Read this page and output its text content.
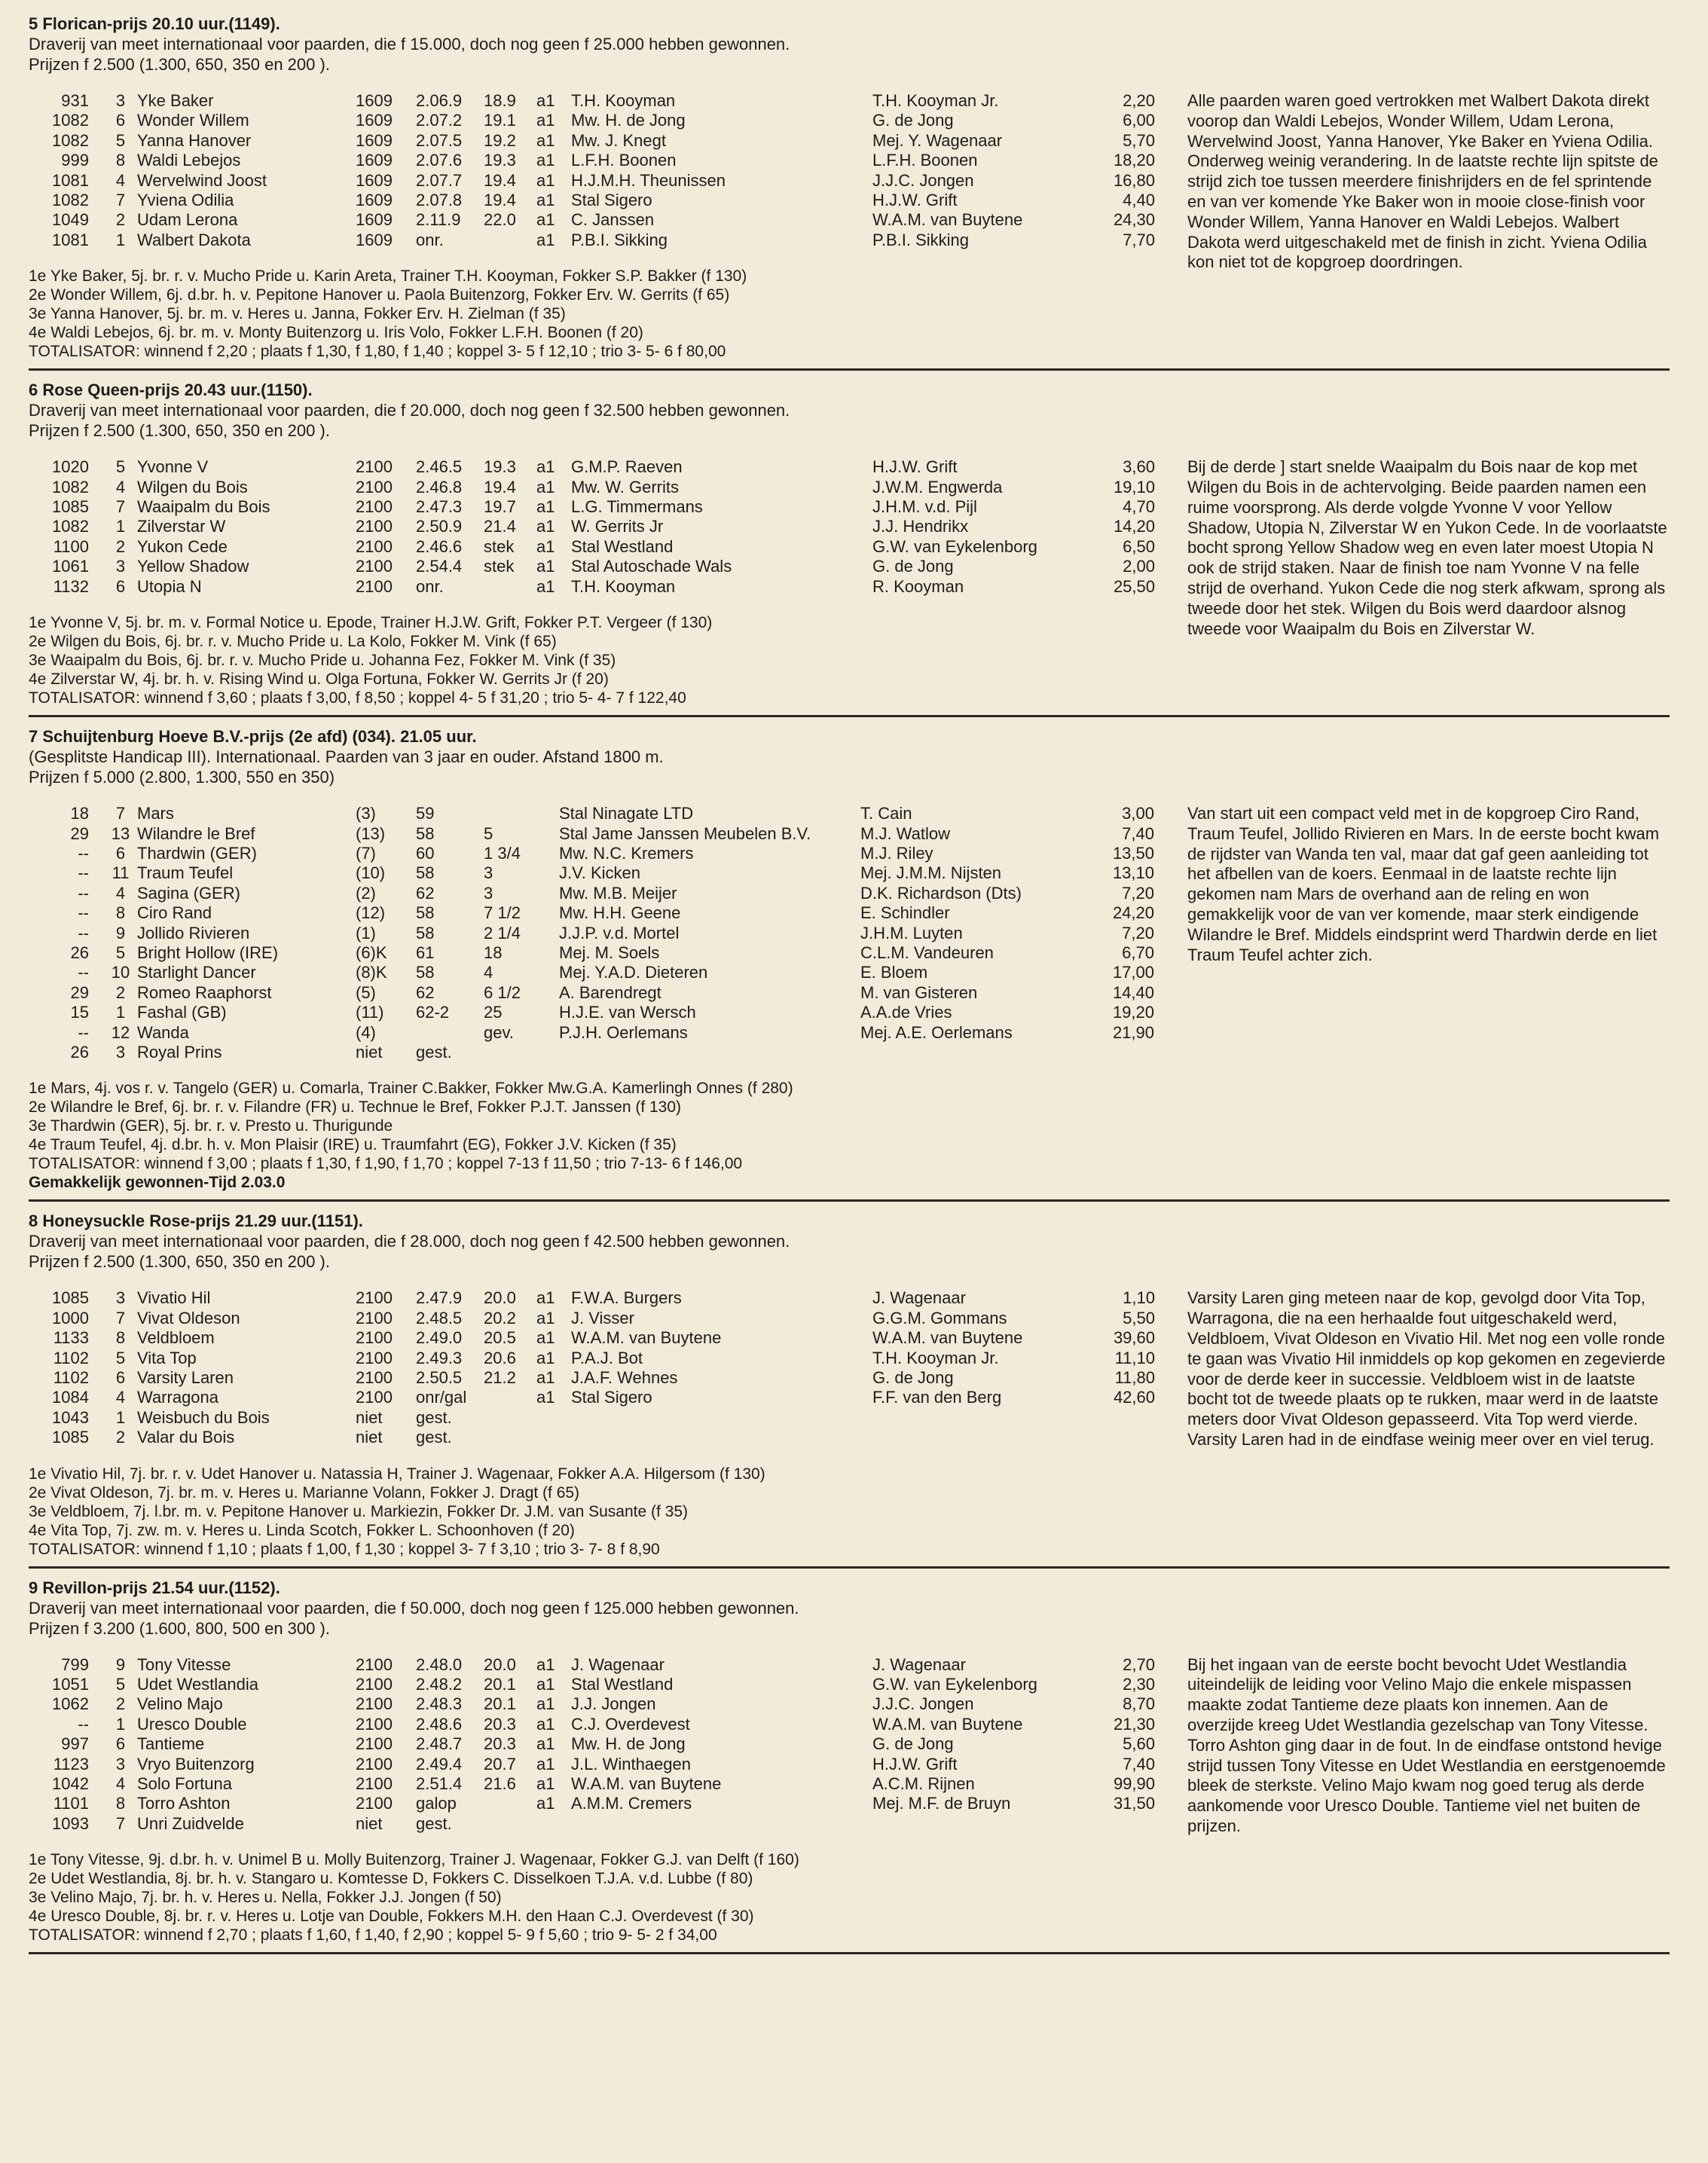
5 Florican-prijs 20.10 uur.(1149).
Draverij van meet internationaal voor paarden, die f 15.000, doch nog geen f 25.000 hebben gewonnen.
Prijzen f 2.500 (1.300, 650, 350 en 200 ).
931	3	Yke Baker	1609	2.06.9	18.9	a1	T.H. Kooyman	T.H. Kooyman Jr.	2,20
1082	6	Wonder Willem	1609	2.07.2	19.1	a1	Mw. H. de Jong	G. de Jong	6,00
1082	5	Yanna Hanover	1609	2.07.5	19.2	a1	Mw. J. Knegt	Mej. Y. Wagenaar	5,70
999	8	Waldi Lebejos	1609	2.07.6	19.3	a1	L.F.H. Boonen	L.F.H. Boonen	18,20
1081	4	Wervelwind Joost	1609	2.07.7	19.4	a1	H.J.M.H. Theunissen	J.J.C. Jongen	16,80
1082	7	Yviena Odilia	1609	2.07.8	19.4	a1	Stal Sigero	H.J.W. Grift	4,40
1049	2	Udam Lerona	1609	2.11.9	22.0	a1	C. Janssen	W.A.M. van Buytene	24,30
1081	1	Walbert Dakota	1609	onr.		a1	P.B.I. Sikking	P.B.I. Sikking	7,70
1e Yke Baker, 5j. br. r. v. Mucho Pride u. Karin Areta, Trainer T.H. Kooyman, Fokker S.P. Bakker (f 130)
2e Wonder Willem, 6j. d.br. h. v. Pepitone Hanover u. Paola Buitenzorg, Fokker Erv. W. Gerrits (f 65)
3e Yanna Hanover, 5j. br. m. v. Heres u. Janna, Fokker Erv. H. Zielman (f 35)
4e Waldi Lebejos, 6j. br. m. v. Monty Buitenzorg u. Iris Volo, Fokker L.F.H. Boonen (f 20)
TOTALISATOR: winnend f 2,20 ; plaats f 1,30, f 1,80, f 1,40 ; koppel 3- 5 f 12,10 ; trio 3- 5- 6 f 80,00
Alle paarden waren goed vertrokken met Walbert Dakota direkt voorop dan Waldi Lebejos, Wonder Willem, Udam Lerona, Wervelwind Joost, Yanna Hanover, Yke Baker en Yviena Odilia. Onderweg weinig verandering. In de laatste rechte lijn spitste de strijd zich toe tussen meerdere finishrijders en de fel sprintende en van ver komende Yke Baker won in mooie close-finish voor Wonder Willem, Yanna Hanover en Waldi Lebejos. Walbert Dakota werd uitgeschakeld met de finish in zicht. Yviena Odilia kon niet tot de kopgroep doordringen.
6 Rose Queen-prijs 20.43 uur.(1150).
Draverij van meet internationaal voor paarden, die f 20.000, doch nog geen f 32.500 hebben gewonnen.
Prijzen f 2.500 (1.300, 650, 350 en 200 ).
1020	5	Yvonne V	2100	2.46.5	19.3	a1	G.M.P. Raeven	H.J.W. Grift	3,60
1082	4	Wilgen du Bois	2100	2.46.8	19.4	a1	Mw. W. Gerrits	J.W.M. Engwerda	19,10
1085	7	Waaipalm du Bois	2100	2.47.3	19.7	a1	L.G. Timmermans	J.H.M. v.d. Pijl	4,70
1082	1	Zilverstar W	2100	2.50.9	21.4	a1	W. Gerrits Jr	J.J. Hendrikx	14,20
1100	2	Yukon Cede	2100	2.46.6	stek	a1	Stal Westland	G.W. van Eykelenborg	6,50
1061	3	Yellow Shadow	2100	2.54.4	stek	a1	Stal Autoschade Wals	G. de Jong	2,00
1132	6	Utopia N	2100	onr.		a1	T.H. Kooyman	R. Kooyman	25,50
1e Yvonne V, 5j. br. m. v. Formal Notice u. Epode, Trainer H.J.W. Grift, Fokker P.T. Vergeer (f 130)
2e Wilgen du Bois, 6j. br. r. v. Mucho Pride u. La Kolo, Fokker M. Vink (f 65)
3e Waaipalm du Bois, 6j. br. r. v. Mucho Pride u. Johanna Fez, Fokker M. Vink (f 35)
4e Zilverstar W, 4j. br. h. v. Rising Wind u. Olga Fortuna, Fokker W. Gerrits Jr (f 20)
TOTALISATOR: winnend f 3,60 ; plaats f 3,00, f 8,50 ; koppel 4- 5 f 31,20 ; trio 5- 4- 7 f 122,40
Bij de derde ] start snelde Waaipalm du Bois naar de kop met Wilgen du Bois in de achtervolging. Beide paarden namen een ruime voorsprong. Als derde volgde Yvonne V voor Yellow Shadow, Utopia N, Zilverstar W en Yukon Cede. In de voorlaatste bocht sprong Yellow Shadow weg en even later moest Utopia N ook de strijd staken. Naar de finish toe nam Yvonne V na felle strijd de overhand. Yukon Cede die nog sterk afkwam, sprong als tweede door het stek. Wilgen du Bois werd daardoor alsnog tweede voor Waaipalm du Bois en Zilverstar W.
7 Schuijtenburg Hoeve B.V.-prijs (2e afd) (034). 21.05 uur.
(Gesplitste Handicap III). Internationaal. Paarden van 3 jaar en ouder. Afstand 1800 m.
Prijzen f 5.000 (2.800, 1.300, 550 en 350)
18	7	Mars	(3)	59			Stal Ninagate LTD	T. Cain	3,00
29	13	Wilandre le Bref	(13)	58	5		Stal Jame Janssen Meubelen B.V.	M.J. Watlow	7,40
--	6	Thardwin (GER)	(7)	60	1 3/4		Mw. N.C. Kremers	M.J. Riley	13,50
--	11	Traum Teufel	(10)	58	3		J.V. Kicken	Mej. J.M.M. Nijsten	13,10
--	4	Sagina (GER)	(2)	62	3		Mw. M.B. Meijer	D.K. Richardson (Dts)	7,20
--	8	Ciro Rand	(12)	58	7 1/2		Mw. H.H. Geene	E. Schindler	24,20
--	9	Jollido Rivieren	(1)	58	2 1/4		J.J.P. v.d. Mortel	J.H.M. Luyten	7,20
26	5	Bright Hollow (IRE)	(6)K	61	18		Mej. M. Soels	C.L.M. Vandeuren	6,70
--	10	Starlight Dancer	(8)K	58	4		Mej. Y.A.D. Dieteren	E. Bloem	17,00
29	2	Romeo Raaphorst	(5)	62	6 1/2		A. Barendregt	M. van Gisteren	14,40
15	1	Fashal (GB)	(11)	62-2	25		H.J.E. van Wersch	A.A.de Vries	19,20
--	12	Wanda	(4)		gev.		P.J.H. Oerlemans	Mej. A.E. Oerlemans	21,90
26	3	Royal Prins	niet	gest.					
1e Mars, 4j. vos r. v. Tangelo (GER) u. Comarla, Trainer C.Bakker, Fokker Mw.G.A. Kamerlingh Onnes (f 280)
2e Wilandre le Bref, 6j. br. r. v. Filandre (FR) u. Technue le Bref, Fokker P.J.T. Janssen (f 130)
3e Thardwin (GER), 5j. br. r. v. Presto u. Thurigunde
4e Traum Teufel, 4j. d.br. h. v. Mon Plaisir (IRE) u. Traumfahrt (EG), Fokker J.V. Kicken (f 35)
TOTALISATOR: winnend f 3,00 ; plaats f 1,30, f 1,90, f 1,70 ; koppel 7-13 f 11,50 ; trio 7-13- 6 f 146,00
Gemakkelijk gewonnen-Tijd 2.03.0
Van start uit een compact veld met in de kopgroep Ciro Rand, Traum Teufel, Jollido Rivieren en Mars. In de eerste bocht kwam de rijdster van Wanda ten val, maar dat gaf geen aanleiding tot het afbellen van de koers. Eenmaal in de laatste rechte lijn gekomen nam Mars de overhand aan de reling en won gemakkelijk voor de van ver komende, maar sterk eindigende Wilandre le Bref. Middels eindsprint werd Thardwin derde en liet Traum Teufel achter zich.
8 Honeysuckle Rose-prijs 21.29 uur.(1151).
Draverij van meet internationaal voor paarden, die f 28.000, doch nog geen f 42.500 hebben gewonnen.
Prijzen f 2.500 (1.300, 650, 350 en 200 ).
1085	3	Vivatio Hil	2100	2.47.9	20.0	a1	F.W.A. Burgers	J. Wagenaar	1,10
1000	7	Vivat Oldeson	2100	2.48.5	20.2	a1	J. Visser	G.G.M. Gommans	5,50
1133	8	Veldbloem	2100	2.49.0	20.5	a1	W.A.M. van Buytene	W.A.M. van Buytene	39,60
1102	5	Vita Top	2100	2.49.3	20.6	a1	P.A.J. Bot	T.H. Kooyman Jr.	11,10
1102	6	Varsity Laren	2100	2.50.5	21.2	a1	J.A.F. Wehnes	G. de Jong	11,80
1084	4	Warragona	2100	onr/gal		a1	Stal Sigero	F.F. van den Berg	42,60
1043	1	Weisbuch du Bois	niet	gest.					
1085	2	Valar du Bois	niet	gest.					
1e Vivatio Hil, 7j. br. r. v. Udet Hanover u. Natassia H, Trainer J. Wagenaar, Fokker A.A. Hilgersom (f 130)
2e Vivat Oldeson, 7j. br. m. v. Heres u. Marianne Volann, Fokker J. Dragt (f 65)
3e Veldbloem, 7j. l.br. m. v. Pepitone Hanover u. Markiezin, Fokker Dr. J.M. van Susante (f 35)
4e Vita Top, 7j. zw. m. v. Heres u. Linda Scotch, Fokker L. Schoonhoven (f 20)
TOTALISATOR: winnend f 1,10 ; plaats f 1,00, f 1,30 ; koppel 3- 7 f 3,10 ; trio 3- 7- 8 f 8,90
Varsity Laren ging meteen naar de kop, gevolgd door Vita Top, Warragona, die na een herhaalde fout uitgeschakeld werd, Veldbloem, Vivat Oldeson en Vivatio Hil. Met nog een volle ronde te gaan was Vivatio Hil inmiddels op kop gekomen en zegevierde voor de derde keer in successie. Veldbloem wist in de laatste bocht tot de tweede plaats op te rukken, maar werd in de laatste meters door Vivat Oldeson gepasseerd. Vita Top werd vierde. Varsity Laren had in de eindfase weinig meer over en viel terug.
9 Revillon-prijs 21.54 uur.(1152).
Draverij van meet internationaal voor paarden, die f 50.000, doch nog geen f 125.000 hebben gewonnen.
Prijzen f 3.200 (1.600, 800, 500 en 300 ).
799	9	Tony Vitesse	2100	2.48.0	20.0	a1	J. Wagenaar	J. Wagenaar	2,70
1051	5	Udet Westlandia	2100	2.48.2	20.1	a1	Stal Westland	G.W. van Eykelenborg	2,30
1062	2	Velino Majo	2100	2.48.3	20.1	a1	J.J. Jongen	J.J.C. Jongen	8,70
--	1	Uresco Double	2100	2.48.6	20.3	a1	C.J. Overdevest	W.A.M. van Buytene	21,30
997	6	Tantieme	2100	2.48.7	20.3	a1	Mw. H. de Jong	G. de Jong	5,60
1123	3	Vryo Buitenzorg	2100	2.49.4	20.7	a1	J.L. Winthaegen	H.J.W. Grift	7,40
1042	4	Solo Fortuna	2100	2.51.4	21.6	a1	W.A.M. van Buytene	A.C.M. Rijnen	99,90
1101	8	Torro Ashton	2100	galop		a1	A.M.M. Cremers	Mej. M.F. de Bruyn	31,50
1093	7	Unri Zuidvelde	niet	gest.					
1e Tony Vitesse, 9j. d.br. h. v. Unimel B u. Molly Buitenzorg, Trainer J. Wagenaar, Fokker G.J. van Delft (f 160)
2e Udet Westlandia, 8j. br. h. v. Stangaro u. Komtesse D, Fokkers C. Disselkoen T.J.A. v.d. Lubbe (f 80)
3e Velino Majo, 7j. br. h. v. Heres u. Nella, Fokker J.J. Jongen (f 50)
4e Uresco Double, 8j. br. r. v. Heres u. Lotje van Double, Fokkers M.H. den Haan C.J. Overdevest (f 30)
TOTALISATOR: winnend f 2,70 ; plaats f 1,60, f 1,40, f 2,90 ; koppel 5- 9 f 5,60 ; trio 9- 5- 2 f 34,00
Bij het ingaan van de eerste bocht bevocht Udet Westlandia uiteindelijk de leiding voor Velino Majo die enkele mispassen maakte zodat Tantieme deze plaats kon innemen. Aan de overzijde kreeg Udet Westlandia gezelschap van Tony Vitesse. Torro Ashton ging daar in de fout. In de eindfase ontstond hevige strijd tussen Tony Vitesse en Udet Westlandia en eerstgenoemde bleek de sterkste. Velino Majo kwam nog goed terug als derde aankomende voor Uresco Double. Tantieme viel net buiten de prijzen.
